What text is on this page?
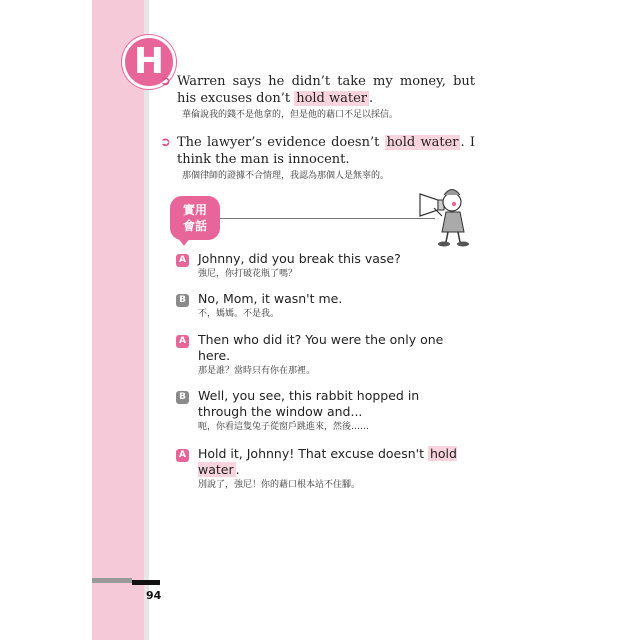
H
➲ Warren says he didn’t take my money, but his excuses don’t hold water .
華倫說我的錢不是他拿的，但是他的藉口不足以採信。
➲ The lawyer’s evidence doesn’t hold water . I think the man is innocent.
那個律師的證據不合情理，我認為那個人是無辜的。
實用
會話
A Johnny, did you break this vase?
強尼，你打破花瓶了嗎？
B No, Mom, it wasn't me.
不，媽媽。不是我。
A Then who did it? You were the only one here.
那是誰？當時只有你在那裡。
B Well, you see, this rabbit hopped in through the window and...
呃，你看這隻兔子從窗戶跳進來，然後……
A Hold it, Johnny! That excuse doesn't hold water .
別說了，強尼！你的藉口根本站不住腳。
94
